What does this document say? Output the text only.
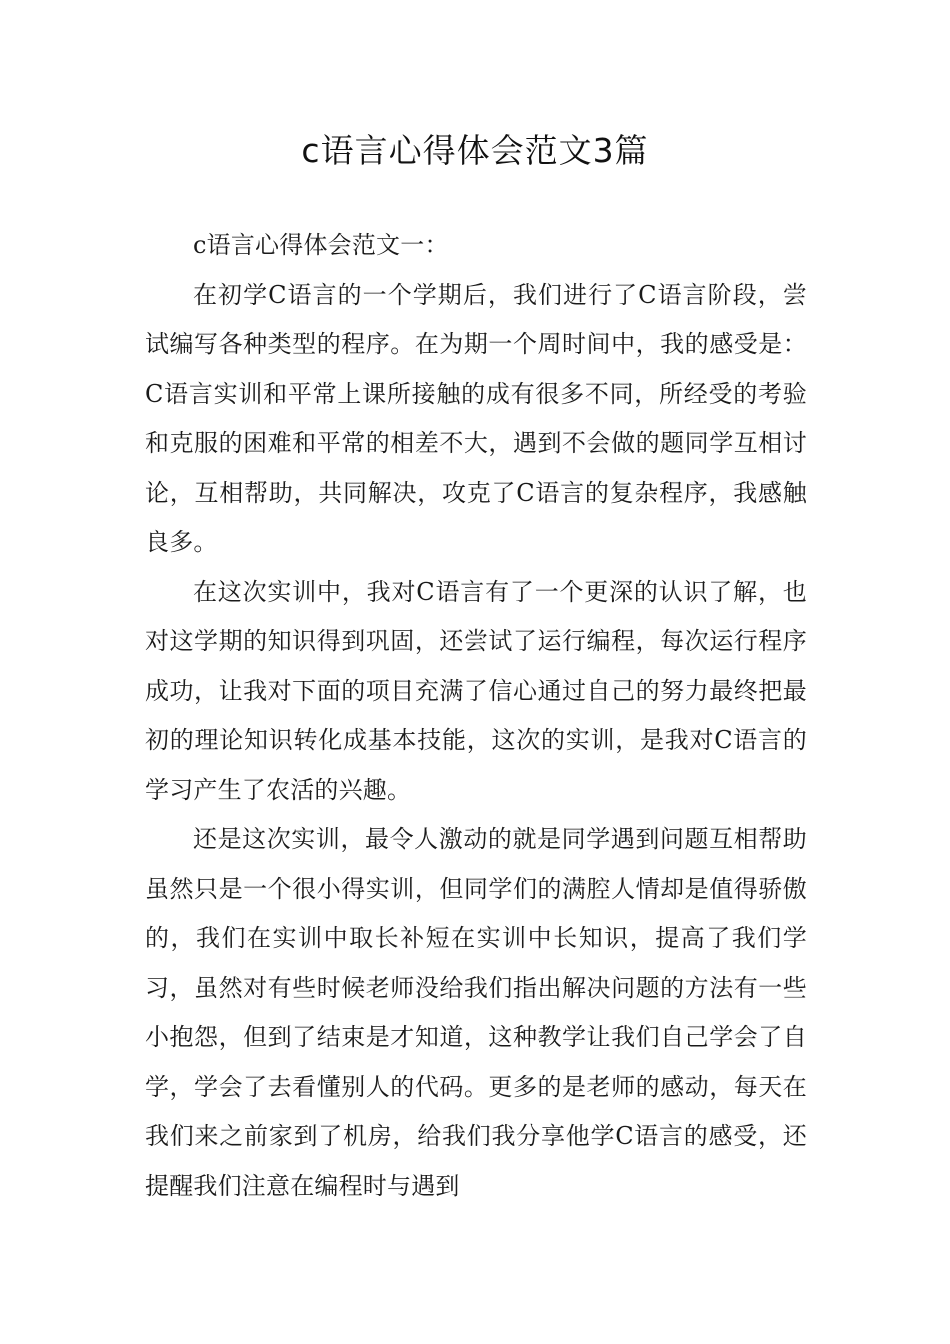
c语言心得体会范文3篇

c语言心得体会范文一：

在初学C语言的一个学期后，我们进行了C语言阶段，尝试编写各种类型的程序。在为期一个周时间中，我的感受是：C语言实训和平常上课所接触的成有很多不同，所经受的考验和克服的困难和平常的相差不大，遇到不会做的题同学互相讨论，互相帮助，共同解决，攻克了C语言的复杂程序，我感触良多。

在这次实训中，我对C语言有了一个更深的认识了解，也对这学期的知识得到巩固，还尝试了运行编程，每次运行程序成功，让我对下面的项目充满了信心通过自己的努力最终把最初的理论知识转化成基本技能，这次的实训，是我对C语言的学习产生了农活的兴趣。

还是这次实训，最令人激动的就是同学遇到问题互相帮助虽然只是一个很小得实训，但同学们的满腔人情却是值得骄傲的，我们在实训中取长补短在实训中长知识，提高了我们学习，虽然对有些时候老师没给我们指出解决问题的方法有一些小抱怨，但到了结束是才知道，这种教学让我们自己学会了自学，学会了去看懂别人的代码。更多的是老师的感动，每天在我们来之前家到了机房，给我们我分享他学C语言的感受，还提醒我们注意在编程时与遇到
